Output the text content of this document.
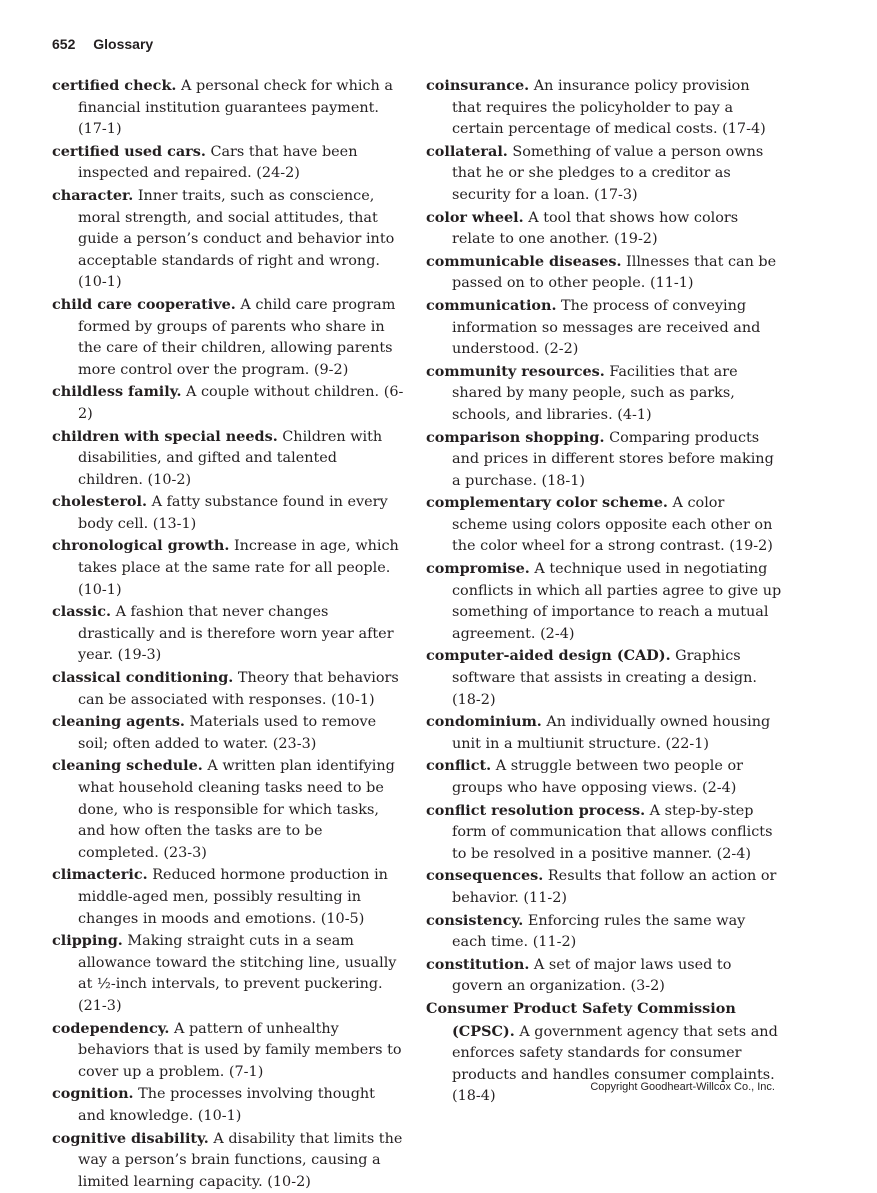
652 Glossary

certified check. A personal check for which a financial institution guarantees payment. (17-1)

certified used cars. Cars that have been inspected and repaired. (24-2)

character. Inner traits, such as conscience, moral strength, and social attitudes, that guide a person’s conduct and behavior into acceptable standards of right and wrong. (10-1)

child care cooperative. A child care program formed by groups of parents who share in the care of their children, allowing parents more control over the program. (9-2)

childless family. A couple without children. (6-2)

children with special needs. Children with disabilities, and gifted and talented children. (10-2)

cholesterol. A fatty substance found in every body cell. (13-1)

chronological growth. Increase in age, which takes place at the same rate for all people. (10-1)

classic. A fashion that never changes drastically and is therefore worn year after year. (19-3)

classical conditioning. Theory that behaviors can be associated with responses. (10-1)

cleaning agents. Materials used to remove soil; often added to water. (23-3)

cleaning schedule. A written plan identifying what household cleaning tasks need to be done, who is responsible for which tasks, and how often the tasks are to be completed. (23-3)

climacteric. Reduced hormone production in middle-aged men, possibly resulting in changes in moods and emotions. (10-5)

clipping. Making straight cuts in a seam allowance toward the stitching line, usually at ½-inch intervals, to prevent puckering. (21-3)

codependency. A pattern of unhealthy behaviors that is used by family members to cover up a problem. (7-1)

cognition. The processes involving thought and knowledge. (10-1)

cognitive disability. A disability that limits the way a person’s brain functions, causing a limited learning capacity. (10-2)

coinsurance. An insurance policy provision that requires the policyholder to pay a certain percentage of medical costs. (17-4)

collateral. Something of value a person owns that he or she pledges to a creditor as security for a loan. (17-3)

color wheel. A tool that shows how colors relate to one another. (19-2)

communicable diseases. Illnesses that can be passed on to other people. (11-1)

communication. The process of conveying information so messages are received and understood. (2-2)

community resources. Facilities that are shared by many people, such as parks, schools, and libraries. (4-1)

comparison shopping. Comparing products and prices in different stores before making a purchase. (18-1)

complementary color scheme. A color scheme using colors opposite each other on the color wheel for a strong contrast. (19-2)

compromise. A technique used in negotiating conflicts in which all parties agree to give up something of importance to reach a mutual agreement. (2-4)

computer-aided design (CAD). Graphics software that assists in creating a design. (18-2)

condominium. An individually owned housing unit in a multiunit structure. (22-1)

conflict. A struggle between two people or groups who have opposing views. (2-4)

conflict resolution process. A step-by-step form of communication that allows conflicts to be resolved in a positive manner. (2-4)

consequences. Results that follow an action or behavior. (11-2)

consistency. Enforcing rules the same way each time. (11-2)

constitution. A set of major laws used to govern an organization. (3-2)

Consumer Product Safety Commission (CPSC). A government agency that sets and enforces safety standards for consumer products and handles consumer complaints. (18-4)

Copyright Goodheart-Willcox Co., Inc.
